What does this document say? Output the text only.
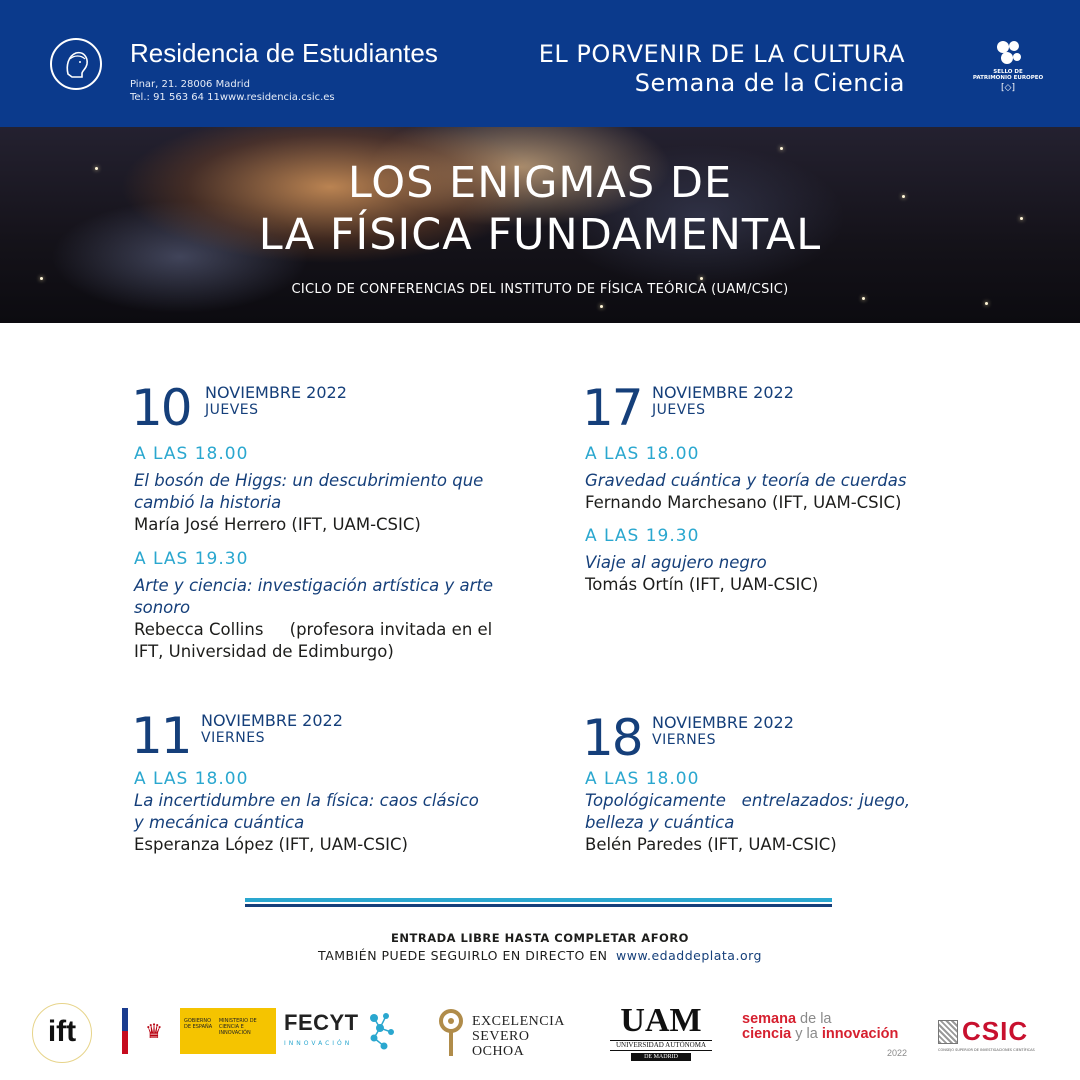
Residencia de Estudiantes
Pinar, 21. 28006 Madrid
Tel.: 91 563 64 11www.residencia.csic.es
EL PORVENIR DE LA CULTURA
Semana de la Ciencia	SELLO DE
PATRIMONIO EUROPEO
[◇]
LOS ENIGMAS DE
LA FÍSICA FUNDAMENTAL
CICLO DE CONFERENCIAS DEL INSTITUTO DE FÍSICA TEÓRICA (UAM/CSIC)
10 NOVIEMBRE 2022
JUEVES
A LAS 18.00
El bosón de Higgs: un descubrimiento que cambió la historia
María José Herrero (IFT, UAM-CSIC)
A LAS 19.30
Arte y ciencia: investigación artística y arte sonoro
Rebecca Collins     (profesora invitada en el IFT, Universidad de Edimburgo)
17 NOVIEMBRE 2022
JUEVES
A LAS 18.00
Gravedad cuántica y teoría de cuerdas
Fernando Marchesano (IFT, UAM-CSIC)
A LAS 19.30
Viaje al agujero negro
Tomás Ortín (IFT, UAM-CSIC)
11 NOVIEMBRE 2022
VIERNES
A LAS 18.00
La incertidumbre en la física: caos clásico y mecánica cuántica
Esperanza López (IFT, UAM-CSIC)
18 NOVIEMBRE 2022
VIERNES
A LAS 18.00
Topológicamente   entrelazados: juego, belleza y cuántica
Belén Paredes (IFT, UAM-CSIC)
ENTRADA LIBRE HASTA COMPLETAR AFORO
TAMBIÉN PUEDE SEGUIRLO EN DIRECTO EN www.edaddeplata.org
ift	♛	GOBIERNO DE ESPAÑA
MINISTERIO DE CIENCIA E INNOVACIÓN	FECYT
INNOVACIÓN
EXCELENCIA
SEVERO
OCHOA
UAM
UNIVERSIDAD AUTÓNOMA
DE MADRID
semana de la
ciencia y la innovación
2022
CSIC
CONSEJO SUPERIOR DE INVESTIGACIONES CIENTÍFICAS
